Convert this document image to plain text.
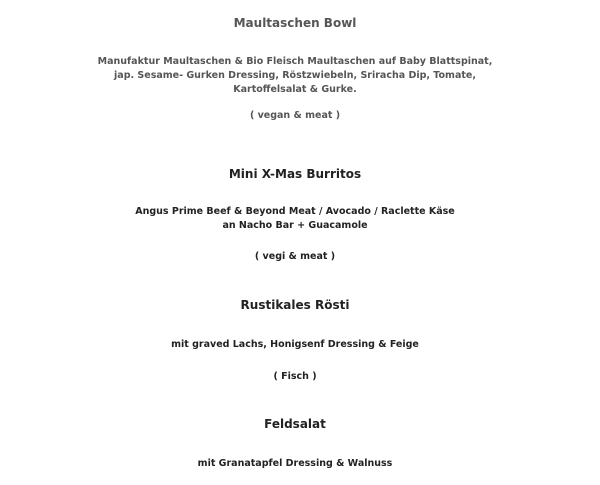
Maultaschen Bowl

Manufaktur Maultaschen & Bio Fleisch Maultaschen auf Baby Blattspinat,

jap. Sesame- Gurken Dressing, Röstzwiebeln, Sriracha Dip, Tomate,

Kartoffelsalat & Gurke.

( vegan & meat )

Mini X-Mas Burritos

Angus Prime Beef & Beyond Meat / Avocado / Raclette Käse

an Nacho Bar + Guacamole

( vegi & meat )

Rustikales Rösti

mit graved Lachs, Honigsenf Dressing & Feige

( Fisch )

Feldsalat

mit Granatapfel Dressing & Walnuss
